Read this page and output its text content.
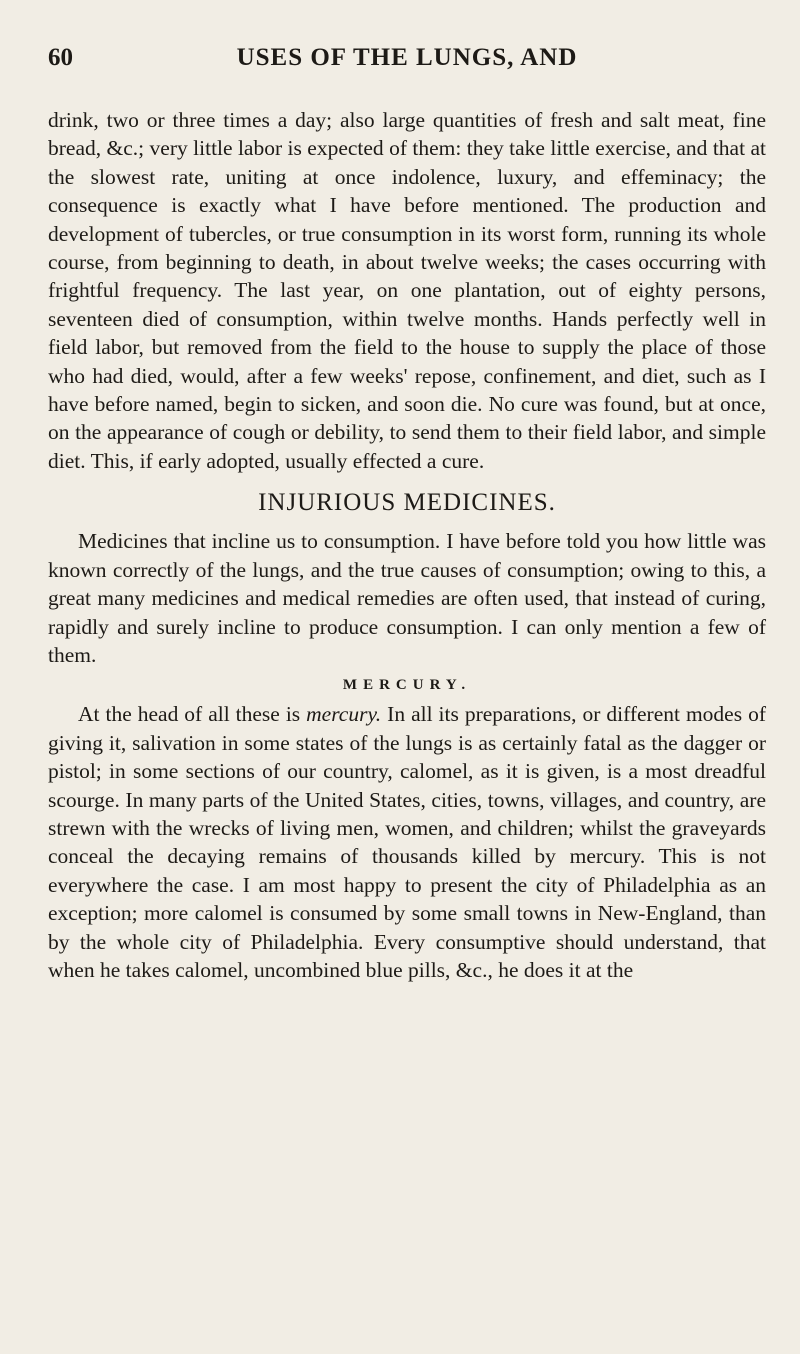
60	USES OF THE LUNGS, AND

drink, two or three times a day; also large quantities of fresh and salt meat, fine bread, &c.; very little labor is expected of them: they take little exercise, and that at the slowest rate, uniting at once indolence, luxury, and effeminacy; the consequence is exactly what I have before mentioned. The production and development of tubercles, or true consumption in its worst form, running its whole course, from beginning to death, in about twelve weeks; the cases occurring with frightful frequency. The last year, on one plantation, out of eighty persons, seventeen died of consumption, within twelve months. Hands perfectly well in field labor, but removed from the field to the house to supply the place of those who had died, would, after a few weeks' repose, confinement, and diet, such as I have before named, begin to sicken, and soon die. No cure was found, but at once, on the appearance of cough or debility, to send them to their field labor, and simple diet. This, if early adopted, usually effected a cure.

INJURIOUS MEDICINES.

Medicines that incline us to consumption. I have before told you how little was known correctly of the lungs, and the true causes of consumption; owing to this, a great many medicines and medical remedies are often used, that instead of curing, rapidly and surely incline to produce consumption. I can only mention a few of them.

MERCURY.

At the head of all these is mercury. In all its preparations, or different modes of giving it, salivation in some states of the lungs is as certainly fatal as the dagger or pistol; in some sections of our country, calomel, as it is given, is a most dreadful scourge. In many parts of the United States, cities, towns, villages, and country, are strewn with the wrecks of living men, women, and children; whilst the graveyards conceal the decaying remains of thousands killed by mercury. This is not everywhere the case. I am most happy to present the city of Philadelphia as an exception; more calomel is consumed by some small towns in New-England, than by the whole city of Philadelphia. Every consumptive should understand, that when he takes calomel, uncombined blue pills, &c., he does it at the
